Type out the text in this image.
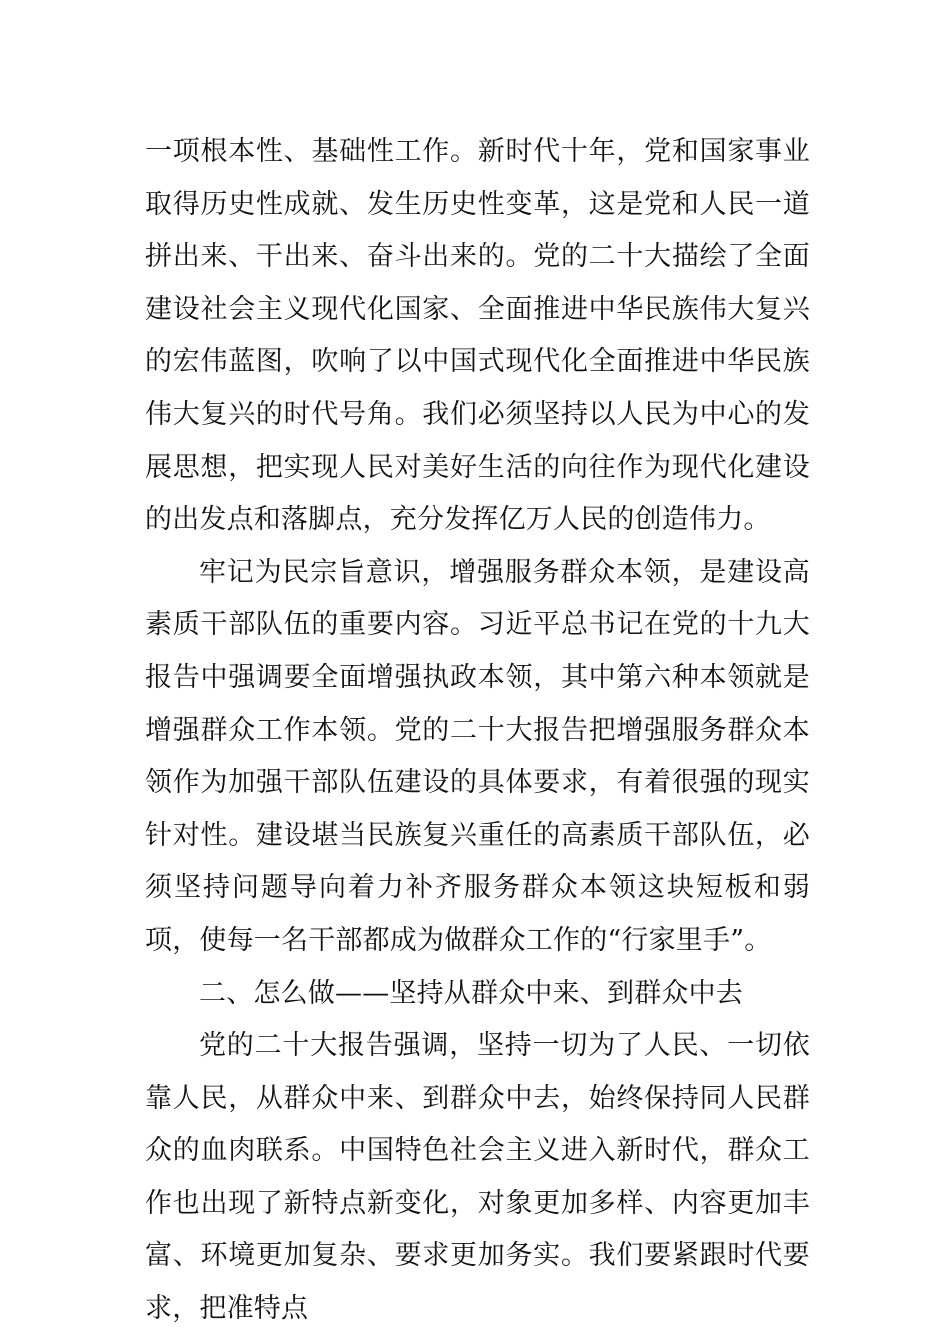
一项根本性、基础性工作。新时代十年，党和国家事业取得历史性成就、发生历史性变革，这是党和人民一道拼出来、干出来、奋斗出来的。党的二十大描绘了全面建设社会主义现代化国家、全面推进中华民族伟大复兴的宏伟蓝图，吹响了以中国式现代化全面推进中华民族伟大复兴的时代号角。我们必须坚持以人民为中心的发展思想，把实现人民对美好生活的向往作为现代化建设的出发点和落脚点，充分发挥亿万人民的创造伟力。

牢记为民宗旨意识，增强服务群众本领，是建设高素质干部队伍的重要内容。习近平总书记在党的十九大报告中强调要全面增强执政本领，其中第六种本领就是增强群众工作本领。党的二十大报告把增强服务群众本领作为加强干部队伍建设的具体要求，有着很强的现实针对性。建设堪当民族复兴重任的高素质干部队伍，必须坚持问题导向着力补齐服务群众本领这块短板和弱项，使每一名干部都成为做群众工作的“行家里手”。

二、怎么做——坚持从群众中来、到群众中去

党的二十大报告强调，坚持一切为了人民、一切依靠人民，从群众中来、到群众中去，始终保持同人民群众的血肉联系。中国特色社会主义进入新时代，群众工作也出现了新特点新变化，对象更加多样、内容更加丰富、环境更加复杂、要求更加务实。我们要紧跟时代要求，把准特点
